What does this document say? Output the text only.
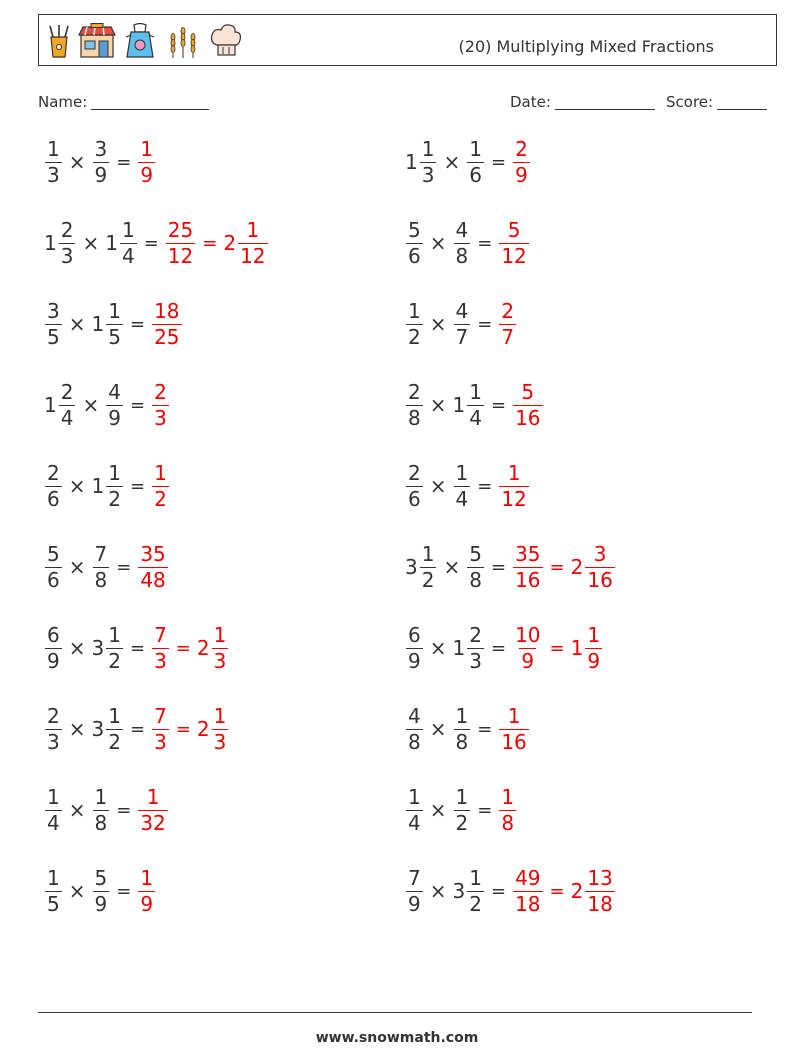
(20) Multiplying Mixed Fractions
Name:	Date:	Score:
$\frac{1}{3} \times \frac{3}{9} = \frac{1}{9}$	$1 \frac{1}{3} \times \frac{1}{6} = \frac{2}{9}$
$1 \frac{2}{3} \times 1 \frac{1}{4} = \frac{25}{12} = 2 \frac{1}{12}$	$\frac{5}{6} \times \frac{4}{8} = \frac{5}{12}$
$\frac{3}{5} \times 1 \frac{1}{5} = \frac{18}{25}$	$\frac{1}{2} \times \frac{4}{7} = \frac{2}{7}$
$1 \frac{2}{4} \times \frac{4}{9} = \frac{2}{3}$	$\frac{2}{8} \times 1 \frac{1}{4} = \frac{5}{16}$
$\frac{2}{6} \times 1 \frac{1}{2} = \frac{1}{2}$	$\frac{2}{6} \times \frac{1}{4} = \frac{1}{12}$
$\frac{5}{6} \times \frac{7}{8} = \frac{35}{48}$	$3 \frac{1}{2} \times \frac{5}{8} = \frac{35}{16} = 2 \frac{3}{16}$
$\frac{6}{9} \times 3 \frac{1}{2} = \frac{7}{3} = 2 \frac{1}{3}$	$\frac{6}{9} \times 1 \frac{2}{3} = \frac{10}{9} = 1 \frac{1}{9}$
$\frac{2}{3} \times 3 \frac{1}{2} = \frac{7}{3} = 2 \frac{1}{3}$	$\frac{4}{8} \times \frac{1}{8} = \frac{1}{16}$
$\frac{1}{4} \times \frac{1}{8} = \frac{1}{32}$	$\frac{1}{4} \times \frac{1}{2} = \frac{1}{8}$
$\frac{1}{5} \times \frac{5}{9} = \frac{1}{9}$	$\frac{7}{9} \times 3 \frac{1}{2} = \frac{49}{18} = 2 \frac{13}{18}$
www.snowmath.com
